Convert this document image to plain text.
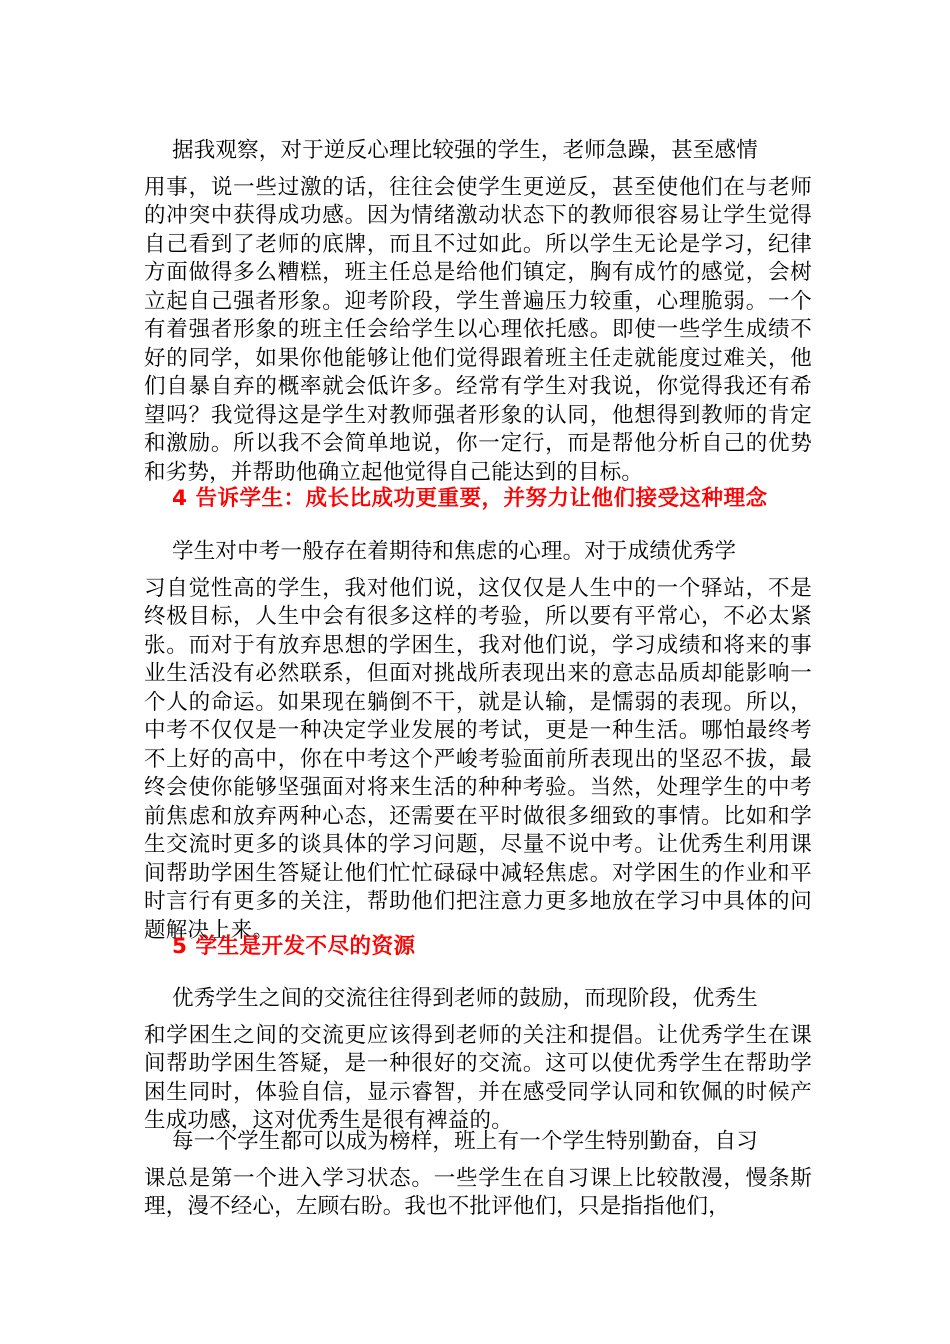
据我观察，对于逆反心理比较强的学生，老师急躁，甚至感情
用事，说一些过激的话，往往会使学生更逆反，甚至使他们在与老师的冲突中获得成功感。因为情绪激动状态下的教师很容易让学生觉得自己看到了老师的底牌，而且不过如此。所以学生无论是学习，纪律方面做得多么糟糕，班主任总是给他们镇定，胸有成竹的感觉，会树立起自己强者形象。迎考阶段，学生普遍压力较重，心理脆弱。一个有着强者形象的班主任会给学生以心理依托感。即使一些学生成绩不好的同学，如果你他能够让他们觉得跟着班主任走就能度过难关，他们自暴自弃的概率就会低许多。经常有学生对我说，你觉得我还有希望吗？我觉得这是学生对教师强者形象的认同，他想得到教师的肯定和激励。所以我不会简单地说，你一定行，而是帮他分析自己的优势和劣势，并帮助他确立起他觉得自己能达到的目标。
4 告诉学生：成长比成功更重要，并努力让他们接受这种理念
学生对中考一般存在着期待和焦虑的心理。对于成绩优秀学
习自觉性高的学生，我对他们说，这仅仅是人生中的一个驿站，不是终极目标，人生中会有很多这样的考验，所以要有平常心，不必太紧张。而对于有放弃思想的学困生，我对他们说，学习成绩和将来的事业生活没有必然联系，但面对挑战所表现出来的意志品质却能影响一个人的命运。如果现在躺倒不干，就是认输，是懦弱的表现。所以，中考不仅仅是一种决定学业发展的考试，更是一种生活。哪怕最终考不上好的高中，你在中考这个严峻考验面前所表现出的坚忍不拔，最终会使你能够坚强面对将来生活的种种考验。当然，处理学生的中考前焦虑和放弃两种心态，还需要在平时做很多细致的事情。比如和学生交流时更多的谈具体的学习问题，尽量不说中考。让优秀生利用课间帮助学困生答疑让他们忙忙碌碌中减轻焦虑。对学困生的作业和平时言行有更多的关注，帮助他们把注意力更多地放在学习中具体的问题解决上来。
5 学生是开发不尽的资源
优秀学生之间的交流往往得到老师的鼓励，而现阶段，优秀生
和学困生之间的交流更应该得到老师的关注和提倡。让优秀学生在课间帮助学困生答疑，是一种很好的交流。这可以使优秀学生在帮助学困生同时，体验自信，显示睿智，并在感受同学认同和钦佩的时候产生成功感，这对优秀生是很有裨益的。
每一个学生都可以成为榜样，班上有一个学生特别勤奋，自习
课总是第一个进入学习状态。一些学生在自习课上比较散漫，慢条斯理，漫不经心，左顾右盼。我也不批评他们，只是指指他们，
